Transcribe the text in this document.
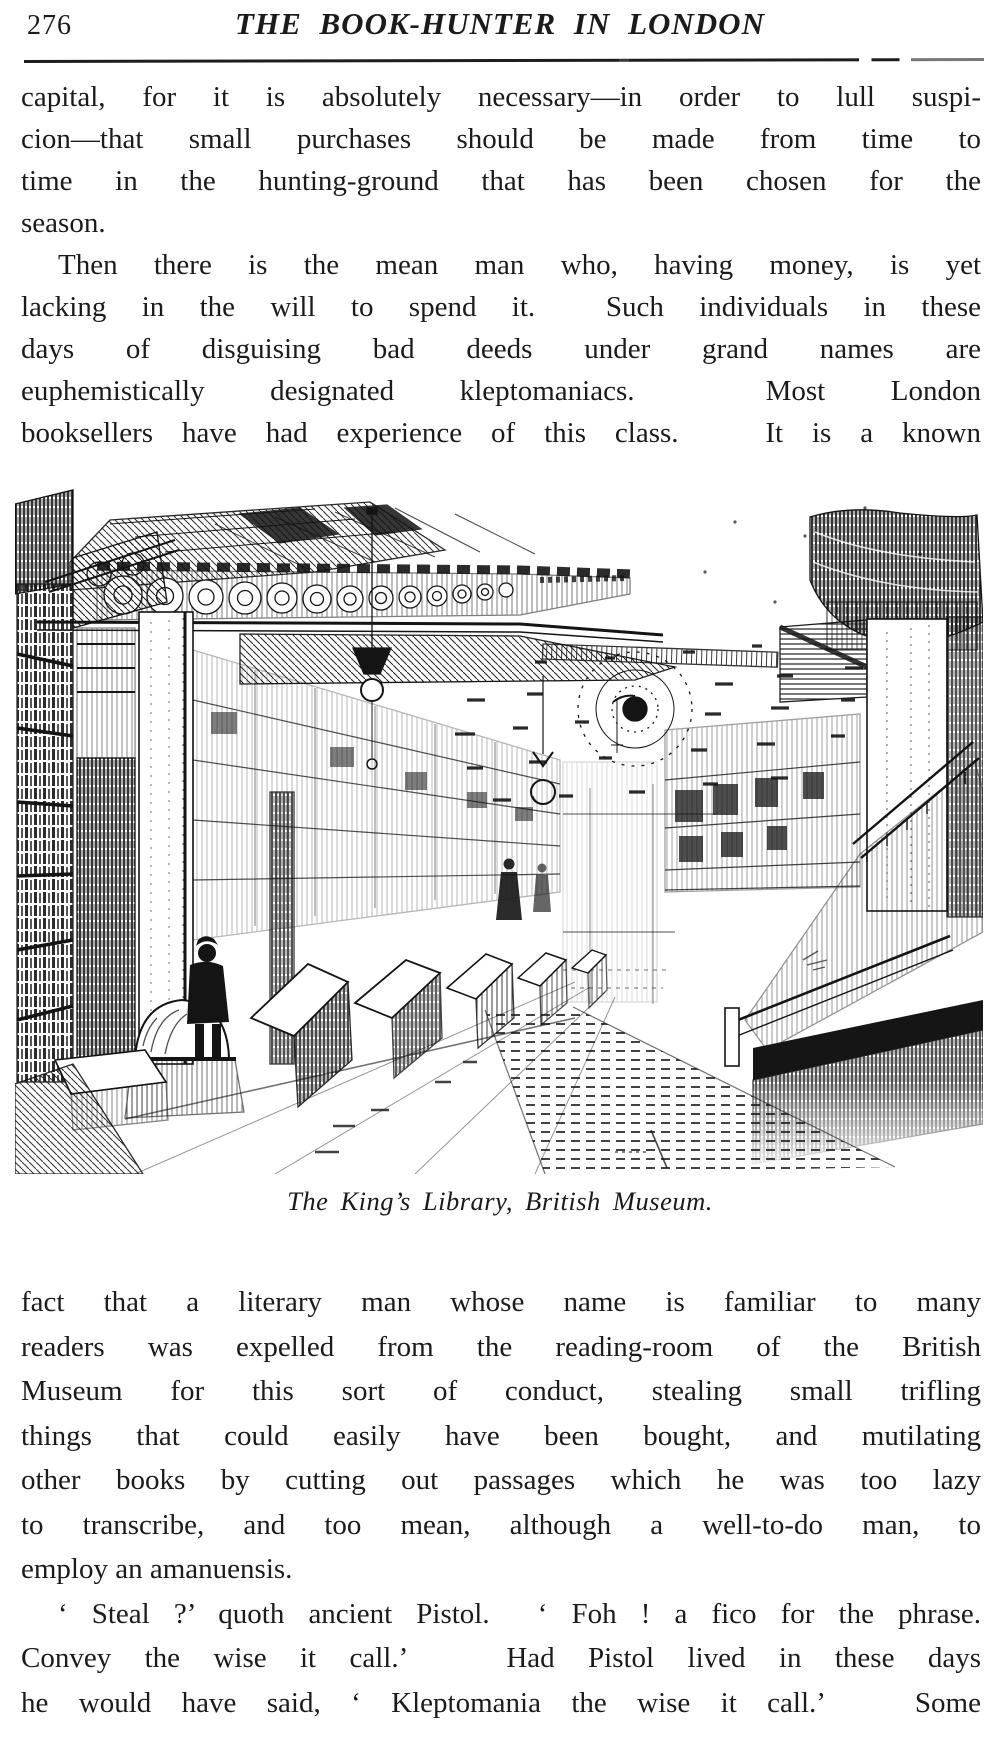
276	THE BOOK-HUNTER IN LONDON
capital, for it is absolutely necessary—in order to lull suspi-
cion—that small purchases should be made from time to
time in the hunting-ground that has been chosen for the
season.
Then there is the mean man who, having money, is yet
lacking in the will to spend it.  Such individuals in these
days of disguising bad deeds under grand names are
euphemistically designated kleptomaniacs.  Most London
booksellers have had experience of this class.   It is a known
The King’s Library, British Museum.
fact that a literary man whose name is familiar to many
readers was expelled from the reading-room of the British
Museum for this sort of conduct, stealing small trifling
things that could easily have been bought, and mutilating
other books by cutting out passages which he was too lazy
to transcribe, and too mean, although a well-to-do man, to
employ an amanuensis.
‘ Steal ?’ quoth ancient Pistol.  ‘ Foh ! a fico for the phrase.
Convey the wise it call.’   Had Pistol lived in these days
he would have said, ‘ Kleptomania the wise it call.’   Some
